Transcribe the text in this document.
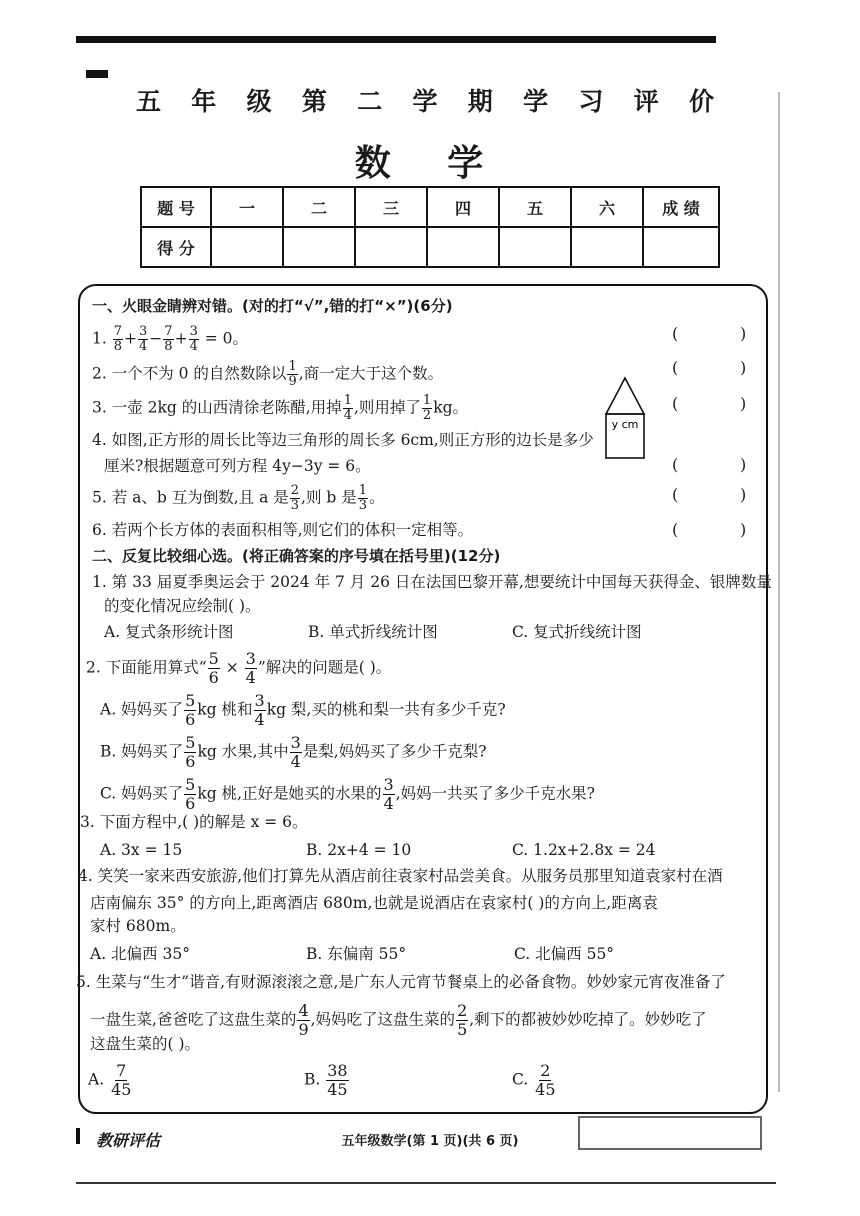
五 年 级 第 二 学 期 学 习 评 价
数 学
题 号	一	二	三	四	五	六	成 绩
得 分							
一、火眼金睛辨对错。(对的打“√”,错的打“×”)(6分)
1. $\frac{7}{8} + \frac{3}{4} - \frac{7}{8} + \frac{3}{4} = 0$。
2. 一个不为 0 的自然数除以 $\frac{1}{9}$ ,商一定大于这个数。
3. 一壶 2kg 的山西清徐老陈醋,用掉 $\frac{1}{4}$ ,则用掉了 $\frac{1}{2}$ kg。
4. 如图,正方形的周长比等边三角形的周长多 6cm,则正方形的边长是多少
厘米?根据题意可列方程 4y−3y = 6。
5. 若 a、b 互为倒数,且 a 是 $\frac{2}{3}$ ,则 b 是 $\frac{1}{3}$ 。
6. 若两个长方体的表面积相等,则它们的体积一定相等。
(	)
(	)
(	)
(	)
(	)
(	)
y cm
二、反复比较细心选。(将正确答案的序号填在括号里)(12分)
1. 第 33 届夏季奥运会于 2024 年 7 月 26 日在法国巴黎开幕,想要统计中国每天获得金、银牌数量
的变化情况应绘制( )。
A. 复式条形统计图	B. 单式折线统计图	C. 复式折线统计图
2. 下面能用算式“ $\frac{5}{6} \times \frac{3}{4}$ ”解决的问题是( )。
A. 妈妈买了 $\frac{5}{6}$ kg 桃和 $\frac{3}{4}$ kg 梨,买的桃和梨一共有多少千克?
B. 妈妈买了 $\frac{5}{6}$ kg 水果,其中 $\frac{3}{4}$ 是梨,妈妈买了多少千克梨?
C. 妈妈买了 $\frac{5}{6}$ kg 桃,正好是她买的水果的 $\frac{3}{4}$ ,妈妈一共买了多少千克水果?
3. 下面方程中,( )的解是 x = 6。
A. 3x = 15	B. 2x+4 = 10	C. 1.2x+2.8x = 24
4. 笑笑一家来西安旅游,他们打算先从酒店前往袁家村品尝美食。从服务员那里知道袁家村在酒
店南偏东 35° 的方向上,距离酒店 680m,也就是说酒店在袁家村( )的方向上,距离袁
家村 680m。
A. 北偏西 35°	B. 东偏南 55°	C. 北偏西 55°
5. 生菜与“生才”谐音,有财源滚滚之意,是广东人元宵节餐桌上的必备食物。妙妙家元宵夜准备了
一盘生菜,爸爸吃了这盘生菜的 $\frac{4}{9}$ ,妈妈吃了这盘生菜的 $\frac{2}{5}$ ,剩下的都被妙妙吃掉了。妙妙吃了
这盘生菜的( )。
A. $\frac{7}{45}$	B. $\frac{38}{45}$	C. $\frac{2}{45}$
教研评估	五年级数学(第 1 页)(共 6 页)
